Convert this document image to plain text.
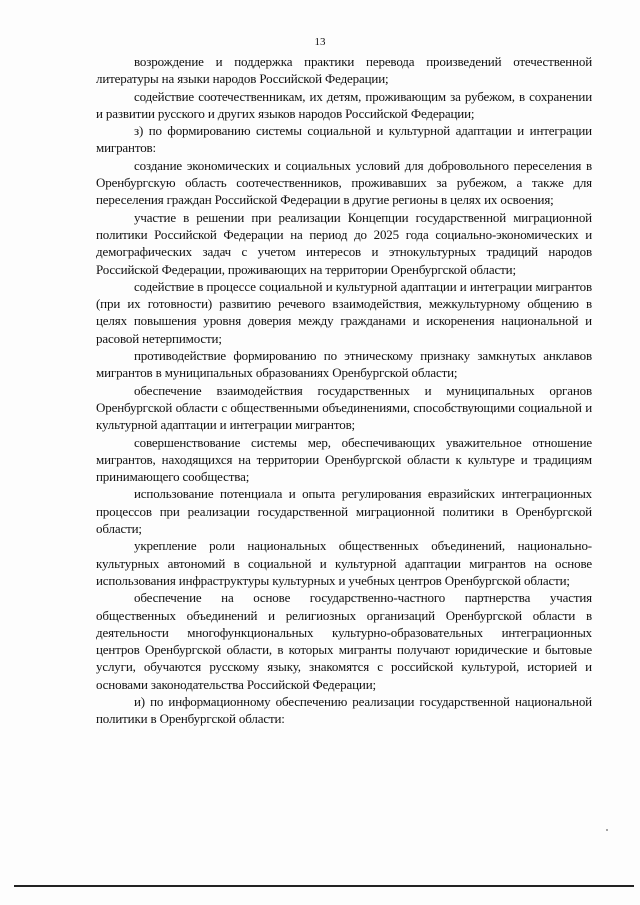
13

возрождение и поддержка практики перевода произведений отечественной литературы на языки народов Российской Федерации;

содействие соотечественникам, их детям, проживающим за рубежом, в сохранении и развитии русского и других языков народов Российской Федерации;

з) по формированию системы социальной и культурной адаптации и интеграции мигрантов:

создание экономических и социальных условий для добровольного переселения в Оренбургскую область соотечественников, проживавших за рубежом, а также для переселения граждан Российской Федерации в другие регионы в целях их освоения;

участие в решении при реализации Концепции государственной миграционной политики Российской Федерации на период до 2025 года социально-экономических и демографических задач с учетом интересов и этнокультурных традиций народов Российской Федерации, проживающих на территории Оренбургской области;

содействие в процессе социальной и культурной адаптации и интеграции мигрантов (при их готовности) развитию речевого взаимодействия, межкультурному общению в целях повышения уровня доверия между гражданами и искоренения национальной и расовой нетерпимости;

противодействие формированию по этническому признаку замкнутых анклавов мигрантов в муниципальных образованиях Оренбургской области;

обеспечение взаимодействия государственных и муниципальных органов Оренбургской области с общественными объединениями, способствующими социальной и культурной адаптации и интеграции мигрантов;

совершенствование системы мер, обеспечивающих уважительное отношение мигрантов, находящихся на территории Оренбургской области к культуре и традициям принимающего сообщества;

использование потенциала и опыта регулирования евразийских интеграционных процессов при реализации государственной миграционной политики в Оренбургской области;

укрепление роли национальных общественных объединений, национально-культурных автономий в социальной и культурной адаптации мигрантов на основе использования инфраструктуры культурных и учебных центров Оренбургской области;

обеспечение на основе государственно-частного партнерства участия общественных объединений и религиозных организаций Оренбургской области в деятельности многофункциональных культурно-образовательных интеграционных центров Оренбургской области, в которых мигранты получают юридические и бытовые услуги, обучаются русскому языку, знакомятся с российской культурой, историей и основами законодательства Российской Федерации;

и) по информационному обеспечению реализации государственной национальной политики в Оренбургской области:
